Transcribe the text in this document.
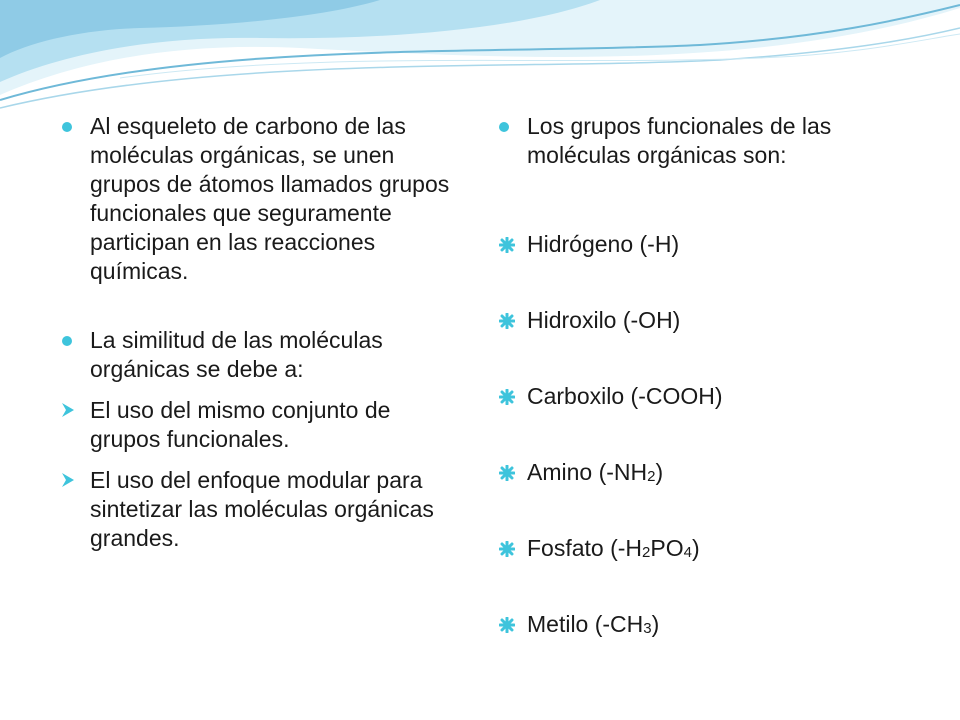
Al esqueleto de carbono de las moléculas orgánicas, se unen grupos de átomos llamados grupos funcionales que seguramente participan en las reacciones químicas.
La similitud de las moléculas orgánicas se debe a:
El uso del mismo conjunto de grupos funcionales.
El uso del enfoque modular para sintetizar las moléculas orgánicas grandes.
Los grupos funcionales de las moléculas orgánicas son:
Hidrógeno (-H)
Hidroxilo (-OH)
Carboxilo (-COOH)
Amino $(-NH_2)$
Fosfato $(-H_2PO_4)$
Metilo $(-CH_3)$
